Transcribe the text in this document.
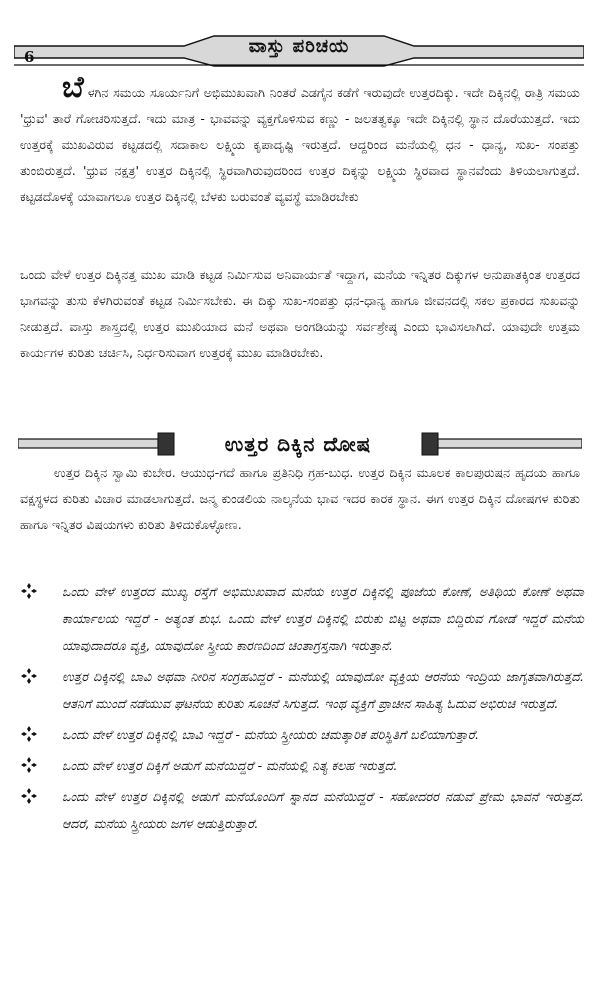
6	ವಾಸ್ತು ಪರಿಚಯ
ಬೆಳಗಿನ ಸಮಯ ಸೂರ್ಯನಿಗೆ ಅಭಿಮುಖವಾಗಿ ನಿಂತರೆ ಎಡಗೈನ ಕಡೆಗೆ ಇರುವುದೇ ಉತ್ತರದಿಕ್ಕು. ಇದೇ ದಿಕ್ಕಿನಲ್ಲಿ ರಾತ್ರಿ ಸಮಯ 'ಧ್ರುವ' ತಾರೆ ಗೋಚರಿಸುತ್ತದೆ. ಇದು ಮಾತ್ರ - ಭಾವವನ್ನು ವ್ಯಕ್ತಗೊಳಿಸುವ ಕಣ್ಣು - ಜಲತತ್ವಕ್ಕೂ ಇದೇ ದಿಕ್ಕಿನಲ್ಲಿ ಸ್ಥಾನ ದೊರೆಯುತ್ತದೆ. ಇದು ಉತ್ತರಕ್ಕೆ ಮುಖವಿರುವ ಕಟ್ಟಡದಲ್ಲಿ ಸದಾಕಾಲ ಲಕ್ಷ್ಮಿಯ ಕೃಪಾದೃಷ್ಟಿ ಇರುತ್ತದೆ. ಆದ್ದರಿಂದ ಮನೆಯಲ್ಲಿ ಧನ - ಧಾನ್ಯ, ಸುಖ- ಸಂಪತ್ತು ತುಂಬಿರುತ್ತದೆ. 'ಧ್ರುವ ನಕ್ಷತ್ರ' ಉತ್ತರ ದಿಕ್ಕಿನಲ್ಲಿ ಸ್ಥಿರವಾಗಿರುವುದರಿಂದ ಉತ್ತರ ದಿಕ್ಕನ್ನು ಲಕ್ಷ್ಮಿಯ ಸ್ಥಿರವಾದ ಸ್ಥಾನವೆಂದು ತಿಳಿಯಲಾಗುತ್ತದೆ. ಕಟ್ಟಡದೊಳಕ್ಕೆ ಯಾವಾಗಲೂ ಉತ್ತರ ದಿಕ್ಕಿನಲ್ಲಿ ಬೆಳಕು ಬರುವಂತೆ ವ್ಯವಸ್ಥೆ ಮಾಡಿರಬೇಕು
ಒಂದು ವೇಳೆ ಉತ್ತರ ದಿಕ್ಕಿನತ್ತ ಮುಖ ಮಾಡಿ ಕಟ್ಟಡ ನಿರ್ಮಿಸುವ ಅನಿವಾರ್ಯತೆ ಇದ್ದಾಗ, ಮನೆಯ ಇನ್ನಿತರ ದಿಕ್ಕುಗಳ ಅನುಪಾತಕ್ಕಿಂತ ಉತ್ತರದ ಭಾಗವನ್ನು ತುಸು ಕೆಳಗಿರುವಂತೆ ಕಟ್ಟಡ ನಿರ್ಮಿಸಬೇಕು. ಈ ದಿಕ್ಕು ಸುಖ-ಸಂಪತ್ತು ಧನ-ಧಾನ್ಯ ಹಾಗೂ ಜೀವನದಲ್ಲಿ ಸಕಲ ಪ್ರಕಾರದ ಸುಖವನ್ನು ನೀಡುತ್ತದೆ. ವಾಸ್ತು ಶಾಸ್ತ್ರದಲ್ಲಿ ಉತ್ತರ ಮುಖಿಯಾದ ಮನೆ ಅಥವಾ ಅಂಗಡಿಯನ್ನು ಸರ್ವಶ್ರೇಷ್ಠ ಎಂದು ಭಾವಿಸಲಾಗಿದೆ. ಯಾವುದೇ ಉತ್ತಮ ಕಾರ್ಯಗಳ ಕುರಿತು ಚರ್ಚಿಸಿ, ನಿರ್ಧರಿಸುವಾಗ ಉತ್ತರಕ್ಕೆ ಮುಖ ಮಾಡಿರಬೇಕು.
ಉತ್ತರ ದಿಕ್ಕಿನ ದೋಷ
ಉತ್ತರ ದಿಕ್ಕಿನ ಸ್ವಾಮಿ ಕುಬೇರ. ಆಯುಧ-ಗದೆ ಹಾಗೂ ಪ್ರತಿನಿಧಿ ಗ್ರಹ-ಬುಧ. ಉತ್ತರ ದಿಕ್ಕಿನ ಮೂಲಕ ಕಾಲಪುರುಷನ ಹೃದಯ ಹಾಗೂ ವಕ್ಷಸ್ಥಳದ ಕುರಿತು ವಿಚಾರ ಮಾಡಲಾಗುತ್ತದೆ. ಜನ್ಮ ಕುಂಡಲಿಯ ನಾಲ್ಕನೆಯ ಭಾವ ಇದರ ಕಾರಕ ಸ್ಥಾನ. ಈಗ ಉತ್ತರ ದಿಕ್ಕಿನ ದೋಷಗಳ ಕುರಿತು ಹಾಗೂ ಇನ್ನಿತರ ವಿಷಯಗಳು ಕುರಿತು ತಿಳಿದುಕೊಳ್ಳೋಣ.
ಒಂದು ವೇಳೆ ಉತ್ತರದ ಮುಖ್ಯ ರಸ್ತೆಗೆ ಅಭಿಮುಖವಾದ ಮನೆಯ ಉತ್ತರ ದಿಕ್ಕಿನಲ್ಲಿ ಪೂಜೆಯ ಕೋಣೆ, ಅತಿಥಿಯ ಕೋಣೆ ಅಥವಾ ಕಾರ್ಯಾಲಯ ಇದ್ದರೆ - ಅತ್ಯಂತ ಶುಭ. ಒಂದು ವೇಳೆ ಉತ್ತರ ದಿಕ್ಕಿನಲ್ಲಿ ಬಿರುಕು ಬಿಟ್ಟ ಅಥವಾ ಬಿದ್ದಿರುವ ಗೋಡೆ ಇದ್ದರೆ ಮನೆಯ ಯಾವುದಾದರೂ ವ್ಯಕ್ತಿ, ಯಾವುದೋ ಸ್ತ್ರೀಯ ಕಾರಣದಿಂದ ಚಿಂತಾಗ್ರಸ್ತನಾಗಿ ಇರುತ್ತಾನೆ.
ಉತ್ತರ ದಿಕ್ಕಿನಲ್ಲಿ ಬಾವಿ ಅಥವಾ ನೀರಿನ ಸಂಗ್ರಹವಿದ್ದರೆ - ಮನೆಯಲ್ಲಿ ಯಾವುದೋ ವ್ಯಕ್ತಿಯ ಆರನೆಯ ಇಂದ್ರಿಯ ಜಾಗೃತವಾಗಿರುತ್ತದೆ. ಆತನಿಗೆ ಮುಂದೆ ನಡೆಯುವ ಘಟನೆಯ ಕುರಿತು ಸೂಚನೆ ಸಿಗುತ್ತದೆ. ಇಂಥ ವ್ಯಕ್ತಿಗೆ ಪ್ರಾಚೀನ ಸಾಹಿತ್ಯ ಓದುವ ಅಭಿರುಚಿ ಇರುತ್ತದೆ.
ಒಂದು ವೇಳೆ ಉತ್ತರ ದಿಕ್ಕಿನಲ್ಲಿ ಬಾವಿ ಇದ್ದರೆ - ಮನೆಯ ಸ್ತ್ರೀಯರು ಚಮತ್ಕಾರಿಕ ಪರಿಸ್ಥಿತಿಗೆ ಬಲಿಯಾಗುತ್ತಾರೆ.
ಒಂದು ವೇಳೆ ಉತ್ತರ ದಿಕ್ಕಿಗೆ ಅಡುಗೆ ಮನೆಯಿದ್ದರೆ - ಮನೆಯಲ್ಲಿ ನಿತ್ಯ ಕಲಹ ಇರುತ್ತದೆ.
ಒಂದು ವೇಳೆ ಉತ್ತರ ದಿಕ್ಕಿನಲ್ಲಿ ಅಡುಗೆ ಮನೆಯೊಂದಿಗೆ ಸ್ನಾನದ ಮನೆಯಿದ್ದರೆ - ಸಹೋದರರ ನಡುವೆ ಪ್ರೇಮ ಭಾವನೆ ಇರುತ್ತದೆ. ಆದರೆ, ಮನೆಯ ಸ್ತ್ರೀಯರು ಜಗಳ ಆಡುತ್ತಿರುತ್ತಾರೆ.
